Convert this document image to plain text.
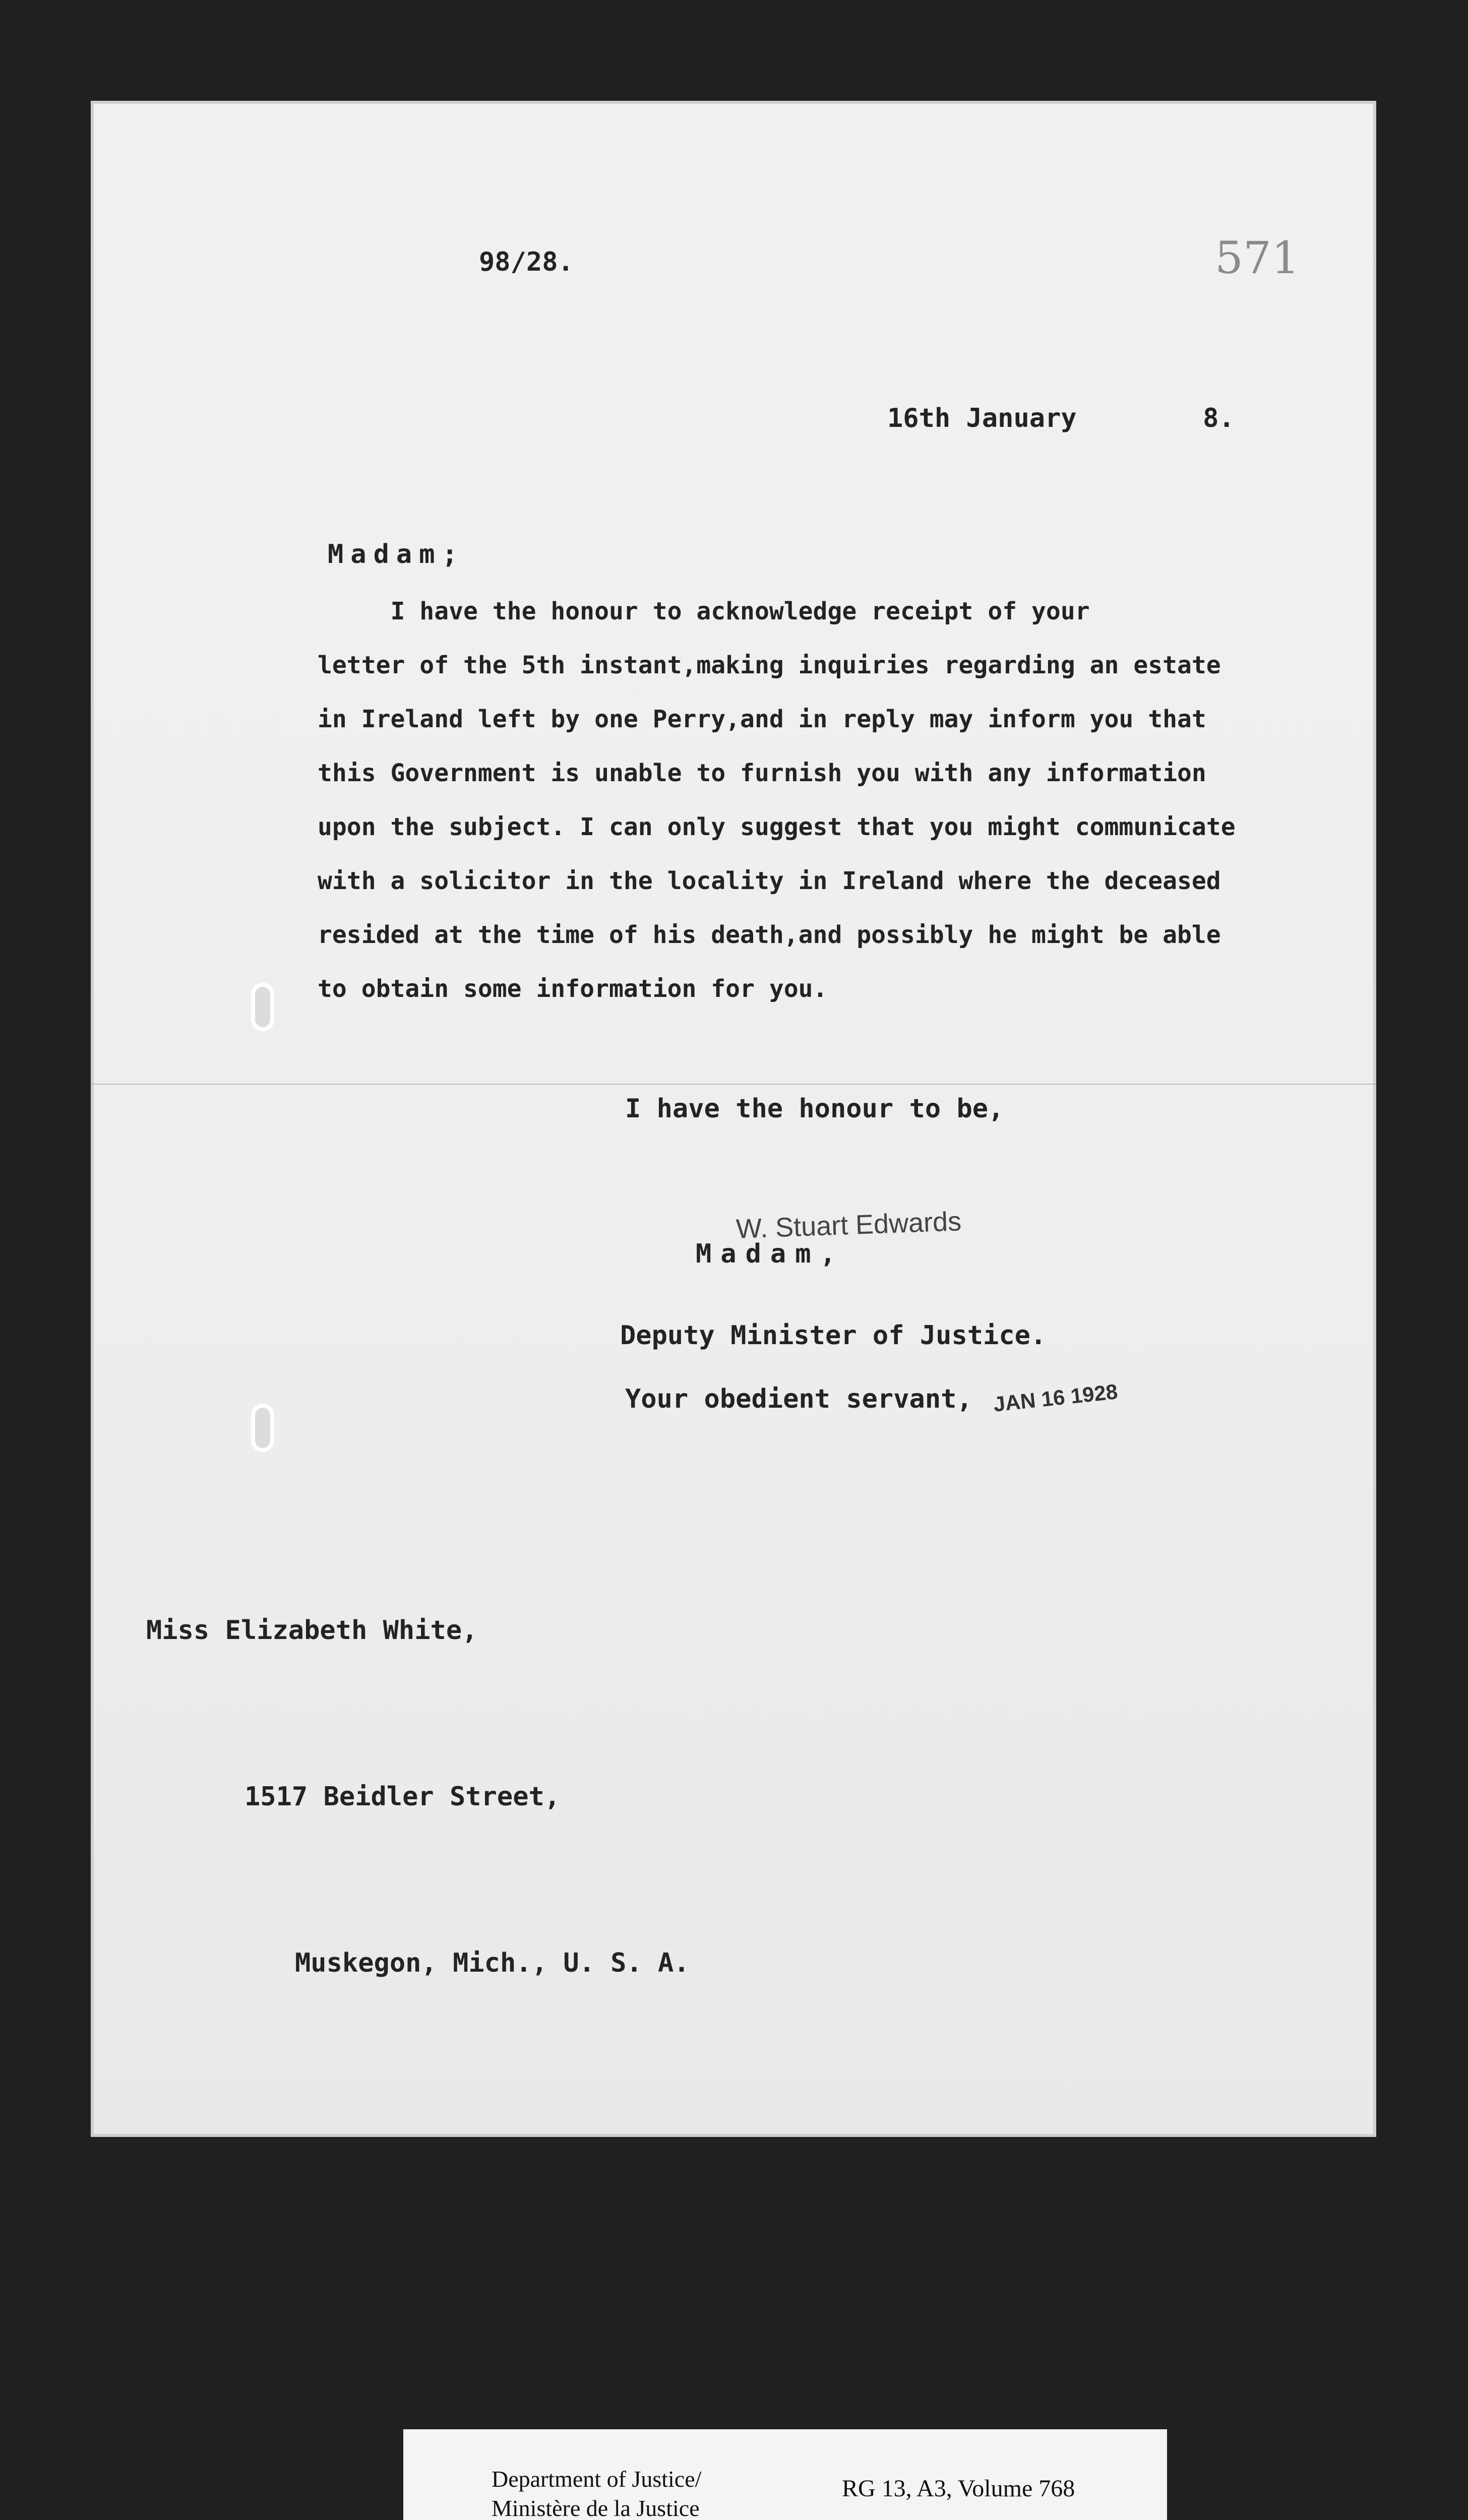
98/28.	571
16th January        8.
Madam;
I have the honour to acknowledge receipt of your
letter of the 5th instant,making inquiries regarding an estate
in Ireland left by one Perry,and in reply may inform you that
this Government is unable to furnish you with any information
upon the subject. I can only suggest that you might communicate
with a solicitor in the locality in Ireland where the deceased
resided at the time of his death,and possibly he might be able
to obtain some information for you.

I have the honour to be,

Madam,

Your obedient servant,

W. Stuart Edwards
Deputy Minister of Justice.
JAN 16 1928

Miss Elizabeth White,

1517 Beidler Street,

Muskegon, Mich., U. S. A.

Department of Justice/
Ministère de la Justice
RG 13, A3, Volume 768
